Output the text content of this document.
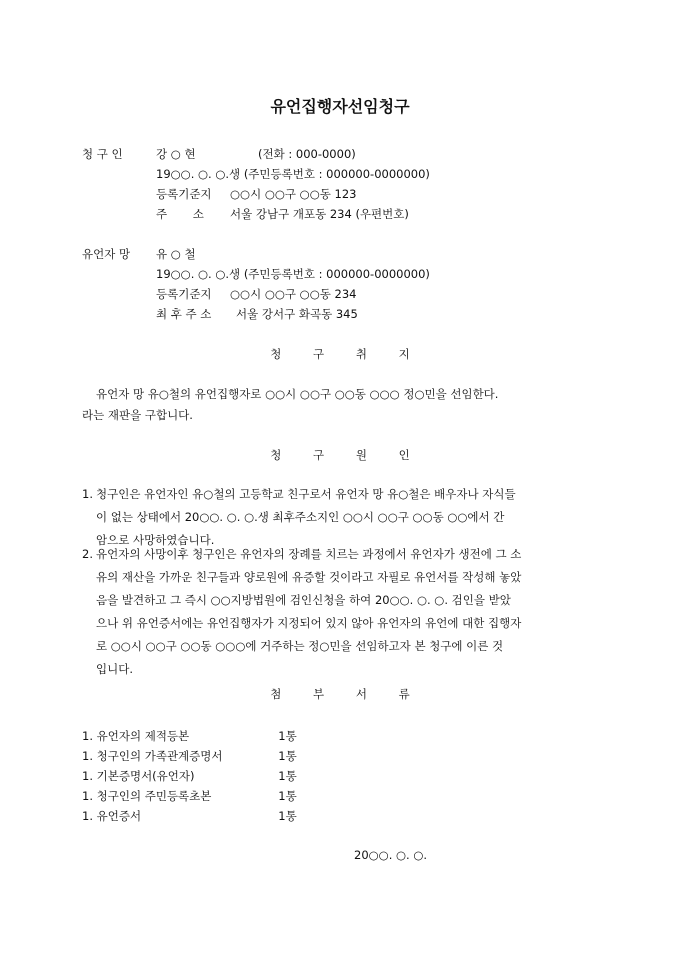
유언집행자선임청구
청 구 인	강 ○ 현	(전화 : 000-0000)
19○○. ○. ○.생 (주민등록번호 : 000000-0000000)
등록기준지 ○○시 ○○구 ○○동 123
주       소 서울 강남구 개포동 234 (우편번호)
유언자 망 유 ○ 철
19○○. ○. ○.생 (주민등록번호 : 000000-0000000)
등록기준지 ○○시 ○○구 ○○동 234
최 후 주 소 서울 강서구 화곡동 345
청 구 취 지
유언자 망 유○철의 유언집행자로 ○○시 ○○구 ○○동 ○○○ 정○민을 선임한다.
라는 재판을 구합니다.
청 구 원 인
1. 청구인은 유언자인 유○철의 고등학교 친구로서 유언자 망 유○철은 배우자나 자식들
이 없는 상태에서 20○○. ○. ○.생 최후주소지인 ○○시 ○○구 ○○동 ○○에서 간
암으로 사망하였습니다.
2. 유언자의 사망이후 청구인은 유언자의 장례를 치르는 과정에서 유언자가 생전에 그 소
유의 재산을 가까운 친구들과 양로원에 유증할 것이라고 자필로 유언서를 작성해 놓았
음을 발견하고 그 즉시 ○○지방법원에 검인신청을 하여 20○○. ○. ○. 검인을 받았
으나 위 유언증서에는 유언집행자가 지정되어 있지 않아 유언자의 유언에 대한 집행자
로 ○○시 ○○구 ○○동 ○○○에 거주하는 정○민을 선임하고자 본 청구에 이른 것
입니다.
첨 부 서 류
1. 유언자의 제적등본	1통
1. 청구인의 가족관계증명서	1통
1. 기본증명서(유언자)	1통
1. 청구인의 주민등록초본	1통
1. 유언증서	1통
20○○. ○. ○.
